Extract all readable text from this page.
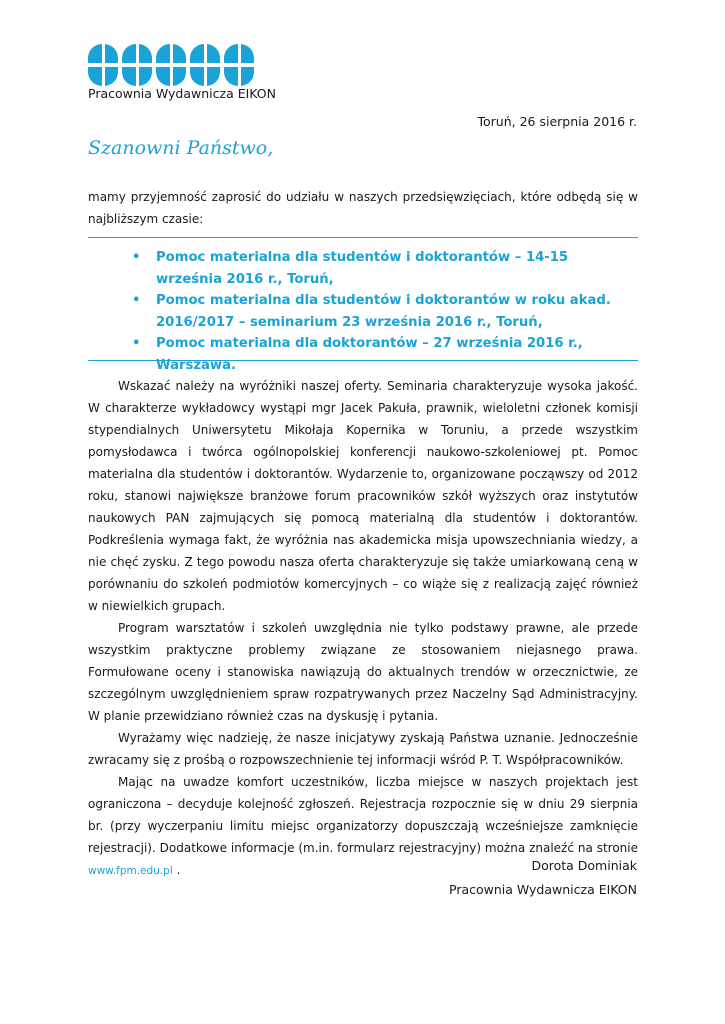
Pracownia Wydawnicza EIKON
Toruń, 26 sierpnia 2016 r.
Szanowni Państwo,
mamy przyjemność zaprosić do udziału w naszych przedsięwzięciach, które odbędą się w najbliższym czasie:
• Pomoc materialna dla studentów i doktorantów – 14-15 września 2016 r., Toruń,
• Pomoc materialna dla studentów i doktorantów w roku akad. 2016/2017 – seminarium 23 września 2016 r., Toruń,
• Pomoc materialna dla doktorantów – 27 września 2016 r., Warszawa.

Wskazać należy na wyróżniki naszej oferty. Seminaria charakteryzuje wysoka jakość. W charakterze wykładowcy wystąpi mgr Jacek Pakuła, prawnik, wieloletni członek komisji stypendialnych Uniwersytetu Mikołaja Kopernika w Toruniu, a przede wszystkim pomysłodawca i twórca ogólnopolskiej konferencji naukowo-szkoleniowej pt. Pomoc materialna dla studentów i doktorantów. Wydarzenie to, organizowane począwszy od 2012 roku, stanowi największe branżowe forum pracowników szkół wyższych oraz instytutów naukowych PAN zajmujących się pomocą materialną dla studentów i doktorantów. Podkreślenia wymaga fakt, że wyróżnia nas akademicka misja upowszechniania wiedzy, a nie chęć zysku. Z tego powodu nasza oferta charakteryzuje się także umiarkowaną ceną w porównaniu do szkoleń podmiotów komercyjnych – co wiąże się z realizacją zajęć również w niewielkich grupach.

Program warsztatów i szkoleń uwzględnia nie tylko podstawy prawne, ale przede wszystkim praktyczne problemy związane ze stosowaniem niejasnego prawa. Formułowane oceny i stanowiska nawiązują do aktualnych trendów w orzecznictwie, ze szczególnym uwzględnieniem spraw rozpatrywanych przez Naczelny Sąd Administracyjny. W planie przewidziano również czas na dyskusję i pytania.

Wyrażamy więc nadzieję, że nasze inicjatywy zyskają Państwa uznanie. Jednocześnie zwracamy się z prośbą o rozpowszechnienie tej informacji wśród P. T. Współpracowników.

Mając na uwadze komfort uczestników, liczba miejsce w naszych projektach jest ograniczona – decyduje kolejność zgłoszeń. Rejestracja rozpocznie się w dniu 29 sierpnia br. (przy wyczerpaniu limitu miejsc organizatorzy dopuszczają wcześniejsze zamknięcie rejestracji). Dodatkowe informacje (m.in. formularz rejestracyjny) można znaleźć na stronie www.fpm.edu.pl .	Dorota Dominiak
Pracownia Wydawnicza EIKON
